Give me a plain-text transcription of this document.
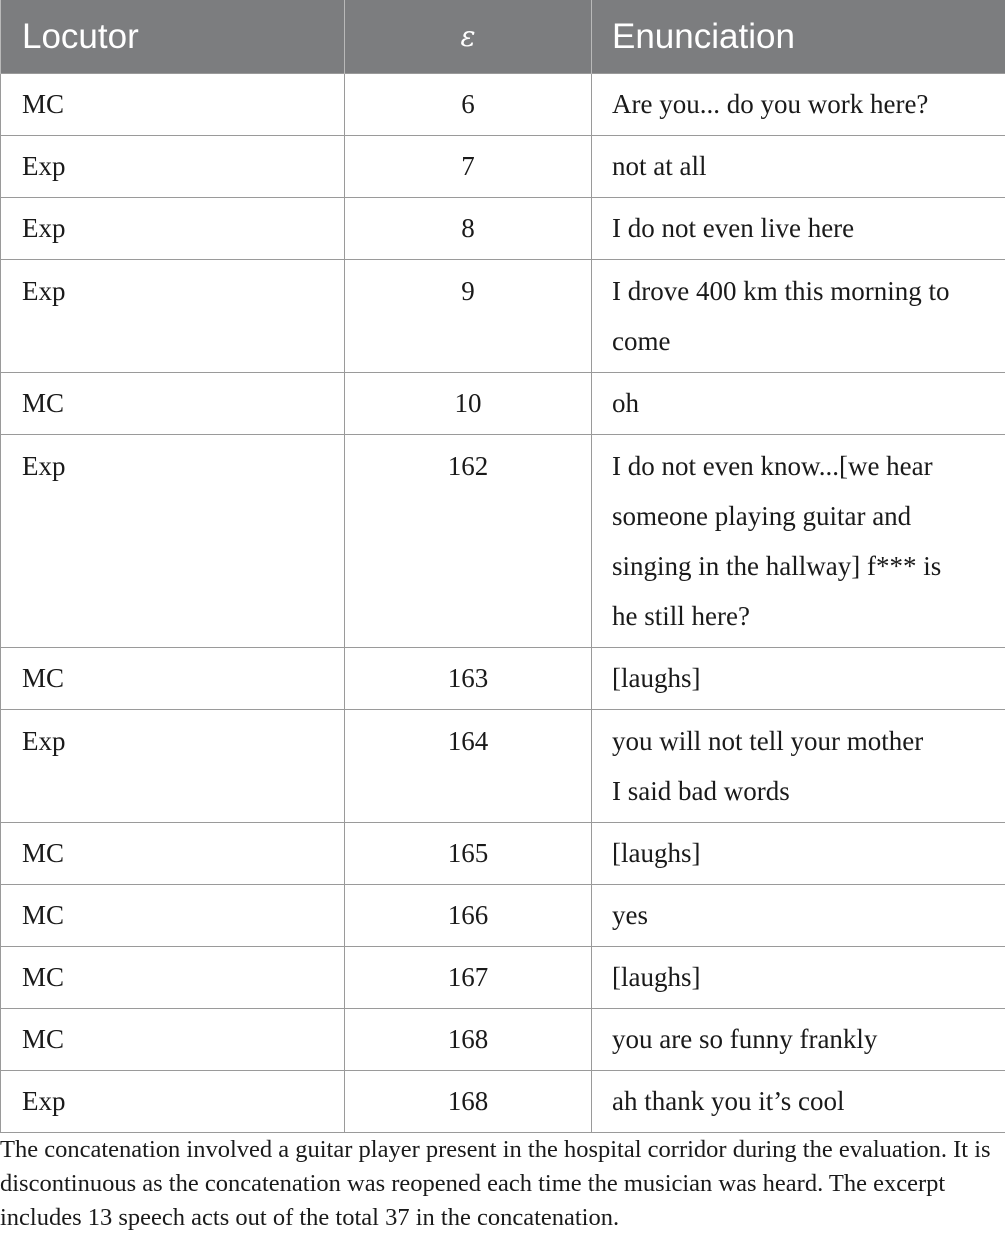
Locutor	ε	Enunciation
MC	6	Are you... do you work here?

Exp	7	not at all

Exp	8	I do not even live here

Exp	9	I drove 400 km this morning to
come

MC	10	oh

Exp	162	I do not even know...[we hear
someone playing guitar and
singing in the hallway] f*** is
he still here?

MC	163	[laughs]

Exp	164	you will not tell your mother
I said bad words

MC	165	[laughs]

MC	166	yes

MC	167	[laughs]

MC	168	you are so funny frankly

Exp	168	ah thank you it’s cool
The concatenation involved a guitar player present in the hospital corridor during the evaluation. It is discontinuous as the concatenation was reopened each time the musician was heard. The excerpt includes 13 speech acts out of the total 37 in the concatenation.
